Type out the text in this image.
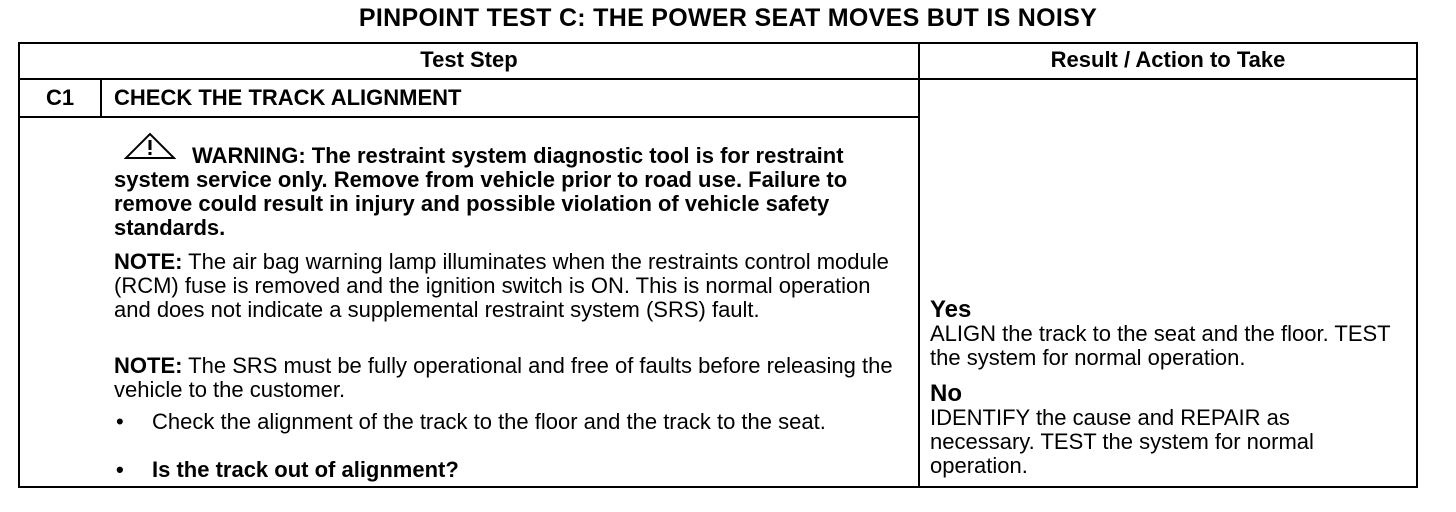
PINPOINT TEST C: THE POWER SEAT MOVES BUT IS NOISY
Test Step	Result / Action to Take
C1	CHECK THE TRACK ALIGNMENT
WARNING: The restraint system diagnostic tool is for restraint system service only. Remove from vehicle prior to road use. Failure to remove could result in injury and possible violation of vehicle safety standards.
NOTE: The air bag warning lamp illuminates when the restraints control module (RCM) fuse is removed and the ignition switch is ON. This is normal operation and does not indicate a supplemental restraint system (SRS) fault.
NOTE: The SRS must be fully operational and free of faults before releasing the vehicle to the customer.
• Check the alignment of the track to the floor and the track to the seat.
• Is the track out of alignment?
Yes
ALIGN the track to the seat and the floor. TEST the system for normal operation.
No
IDENTIFY the cause and REPAIR as necessary. TEST the system for normal operation.
